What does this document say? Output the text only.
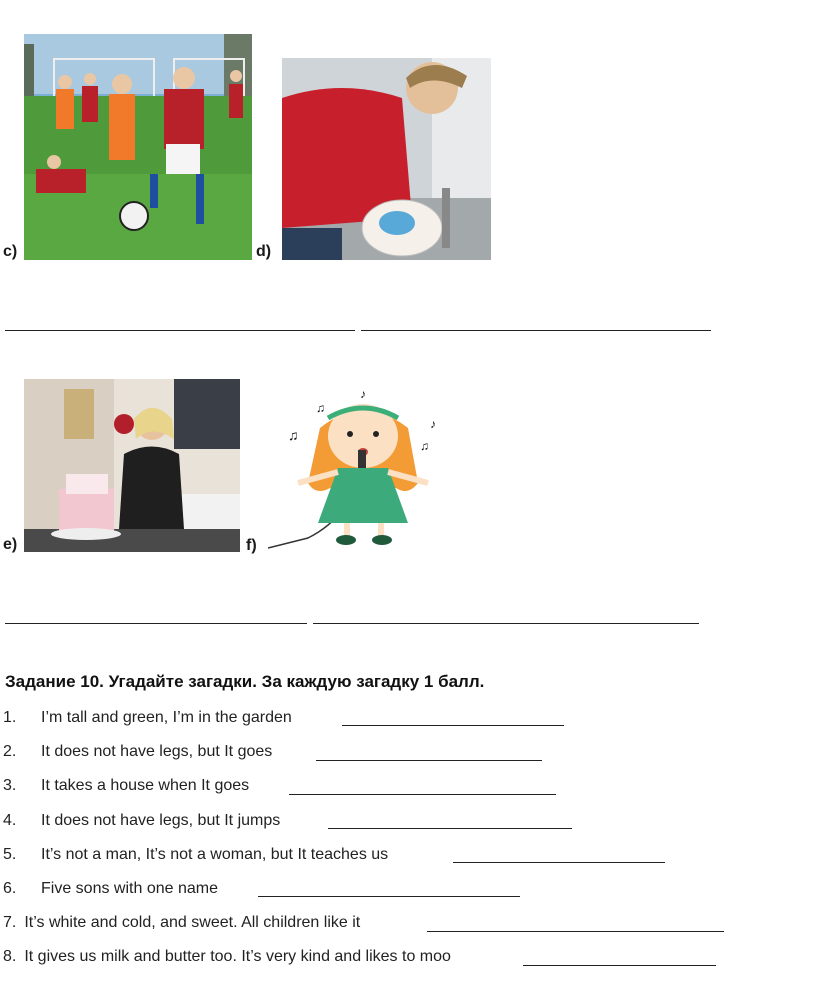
c)	d)
e)	f)
♪
♫
♫
♪
♫
Задание 10. Угадайте загадки. За каждую загадку 1 балл.
1. I’m tall and green, I’m in the garden
2. It does not have legs, but It goes
3. It takes a house when It goes
4. It does not have legs, but It jumps
5. It’s not a man, It’s not a woman, but It teaches us
6. Five sons with one name
7. It’s white and cold, and sweet. All children like it
8. It gives us milk and butter too. It’s very kind and likes to moo
